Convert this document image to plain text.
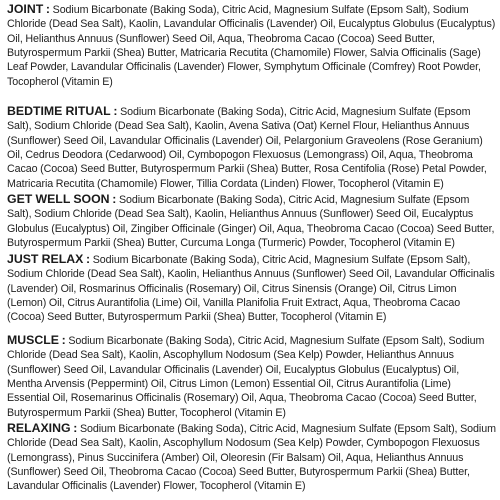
JOINT : Sodium Bicarbonate (Baking Soda), Citric Acid, Magnesium Sulfate (Epsom Salt), Sodium Chloride (Dead Sea Salt), Kaolin, Lavandular Officinalis (Lavender) Oil, Eucalyptus Globulus (Eucalyptus) Oil, Helianthus Annuus (Sunflower) Seed Oil, Aqua, Theobroma Cacao (Cocoa) Seed Butter, Butyrospermum Parkii (Shea) Butter, Matricaria Recutita (Chamomile) Flower, Salvia Officinalis (Sage) Leaf Powder, Lavandular Officinalis (Lavender) Flower, Symphytum Officinale (Comfrey) Root Powder, Tocopherol (Vitamin E)

BEDTIME RITUAL : Sodium Bicarbonate (Baking Soda), Citric Acid, Magnesium Sulfate (Epsom Salt), Sodium Chloride (Dead Sea Salt), Kaolin, Avena Sativa (Oat) Kernel Flour, Helianthus Annuus (Sunflower) Seed Oil, Lavandular Officinalis (Lavender) Oil, Pelargonium Graveolens (Rose Geranium) Oil, Cedrus Deodora (Cedarwood) Oil, Cymbopogon Flexuosus (Lemongrass) Oil, Aqua, Theobroma Cacao (Cocoa) Seed Butter, Butyrospermum Parkii (Shea) Butter, Rosa Centifolia (Rose) Petal Powder, Matricaria Recutita (Chamomile) Flower, Tillia Cordata (Linden) Flower, Tocopherol (Vitamin E)

GET WELL SOON : Sodium Bicarbonate (Baking Soda), Citric Acid, Magnesium Sulfate (Epsom Salt), Sodium Chloride (Dead Sea Salt), Kaolin, Helianthus Annuus (Sunflower) Seed Oil, Eucalyptus Globulus (Eucalyptus) Oil, Zingiber Officinale (Ginger) Oil, Aqua, Theobroma Cacao (Cocoa) Seed Butter, Butyrospermum Parkii (Shea) Butter, Curcuma Longa (Turmeric) Powder, Tocopherol (Vitamin E)

JUST RELAX : Sodium Bicarbonate (Baking Soda), Citric Acid, Magnesium Sulfate (Epsom Salt), Sodium Chloride (Dead Sea Salt), Kaolin, Helianthus Annuus (Sunflower) Seed Oil, Lavandular Officinalis (Lavender) Oil, Rosmarinus Officinalis (Rosemary) Oil, Citrus Sinensis (Orange) Oil, Citrus Limon (Lemon) Oil, Citrus Aurantifolia (Lime) Oil, Vanilla Planifolia Fruit Extract, Aqua, Theobroma Cacao (Cocoa) Seed Butter, Butyrospermum Parkii (Shea) Butter, Tocopherol (Vitamin E)

MUSCLE : Sodium Bicarbonate (Baking Soda), Citric Acid, Magnesium Sulfate (Epsom Salt), Sodium Chloride (Dead Sea Salt), Kaolin, Ascophyllum Nodosum (Sea Kelp) Powder, Helianthus Annuus (Sunflower) Seed Oil, Lavandular Officinalis (Lavender) Oil, Eucalyptus Globulus (Eucalyptus) Oil, Mentha Arvensis (Peppermint) Oil, Citrus Limon (Lemon) Essential Oil, Citrus Aurantifolia (Lime) Essential Oil, Rosemarinus Officinalis (Rosemary) Oil, Aqua, Theobroma Cacao (Cocoa) Seed Butter, Butyrospermum Parkii (Shea) Butter, Tocopherol (Vitamin E)

RELAXING : Sodium Bicarbonate (Baking Soda), Citric Acid, Magnesium Sulfate (Epsom Salt), Sodium Chloride (Dead Sea Salt), Kaolin, Ascophyllum Nodosum (Sea Kelp) Powder, Cymbopogon Flexuosus (Lemongrass), Pinus Succinifera (Amber) Oil, Oleoresin (Fir Balsam) Oil, Aqua, Helianthus Annuus (Sunflower) Seed Oil, Theobroma Cacao (Cocoa) Seed Butter, Butyrospermum Parkii (Shea) Butter, Lavandular Officinalis (Lavender) Flower, Tocopherol (Vitamin E)
